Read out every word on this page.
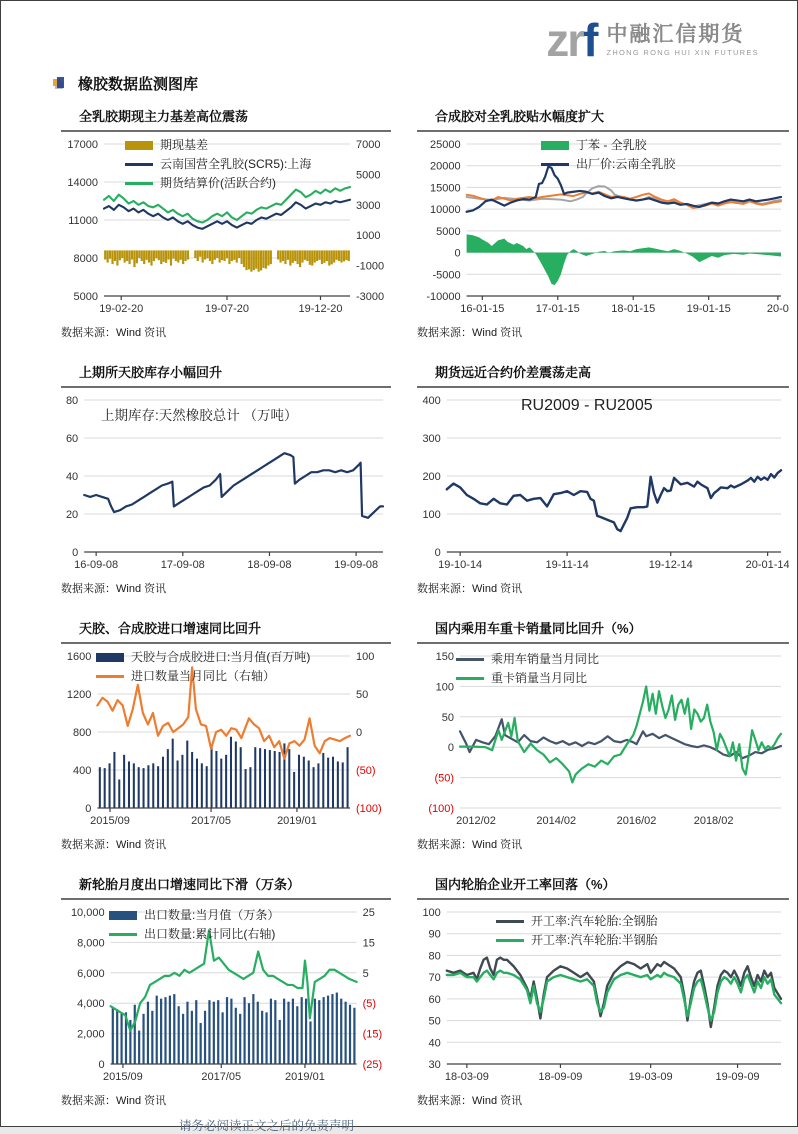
zrf 中融汇信期货
ZHONG RONG HUI XIN FUTURES
橡胶数据监测图库
全乳胶期现主力基差高位震荡
17000
14000
11000
8000
5000
7000
5000
3000
1000
-1000
-3000
19-02-20	19-07-20	19-12-20
期现基差
云南国营全乳胶(SCR5):上海
期货结算价(活跃合约)
数据来源：Wind 资讯
合成胶对全乳胶贴水幅度扩大
25000
20000
15000
10000
5000
0
-5000
-10000
16-01-15	17-01-15	18-01-15	19-01-15	20-0
丁苯 - 全乳胶
出厂价:云南全乳胶
数据来源：Wind 资讯
上期所天胶库存小幅回升
80
60
40
20
0
16-09-08	17-09-08	18-09-08	19-09-08
上期库存:天然橡胶总计 （万吨）
数据来源：Wind 资讯
期货远近合约价差震荡走高
400
300
200
100
0
19-10-14	19-11-14	19-12-14	20-01-14
RU2009 - RU2005
数据来源：Wind 资讯
天胶、合成胶进口增速同比回升
1600
1200
800
400
0
100
50
0
(50)
(100)
2015/09	2017/05	2019/01
天胶与合成胶进口:当月值(百万吨)
进口数量当月同比（右轴）
数据来源：Wind 资讯
国内乘用车重卡销量同比回升（%）
150
100
50
0
(50)
(100)
2012/02	2014/02	2016/02	2018/02
乘用车销量当月同比
重卡销量当月同比
数据来源：Wind 资讯
新轮胎月度出口增速同比下滑（万条）
10,000
8,000
6,000
4,000
2,000
0
25
15
5
(5)
(15)
(25)
2015/09	2017/05	2019/01
出口数量:当月值（万条）
出口数量:累计同比(右轴)
数据来源：Wind 资讯
国内轮胎企业开工率回落（%）
100
90
80
70
60
50
40
30
18-03-09	18-09-09	19-03-09	19-09-09
开工率:汽车轮胎:全钢胎
开工率:汽车轮胎:半钢胎
数据来源：Wind 资讯
请务必阅读正文之后的免责声明
